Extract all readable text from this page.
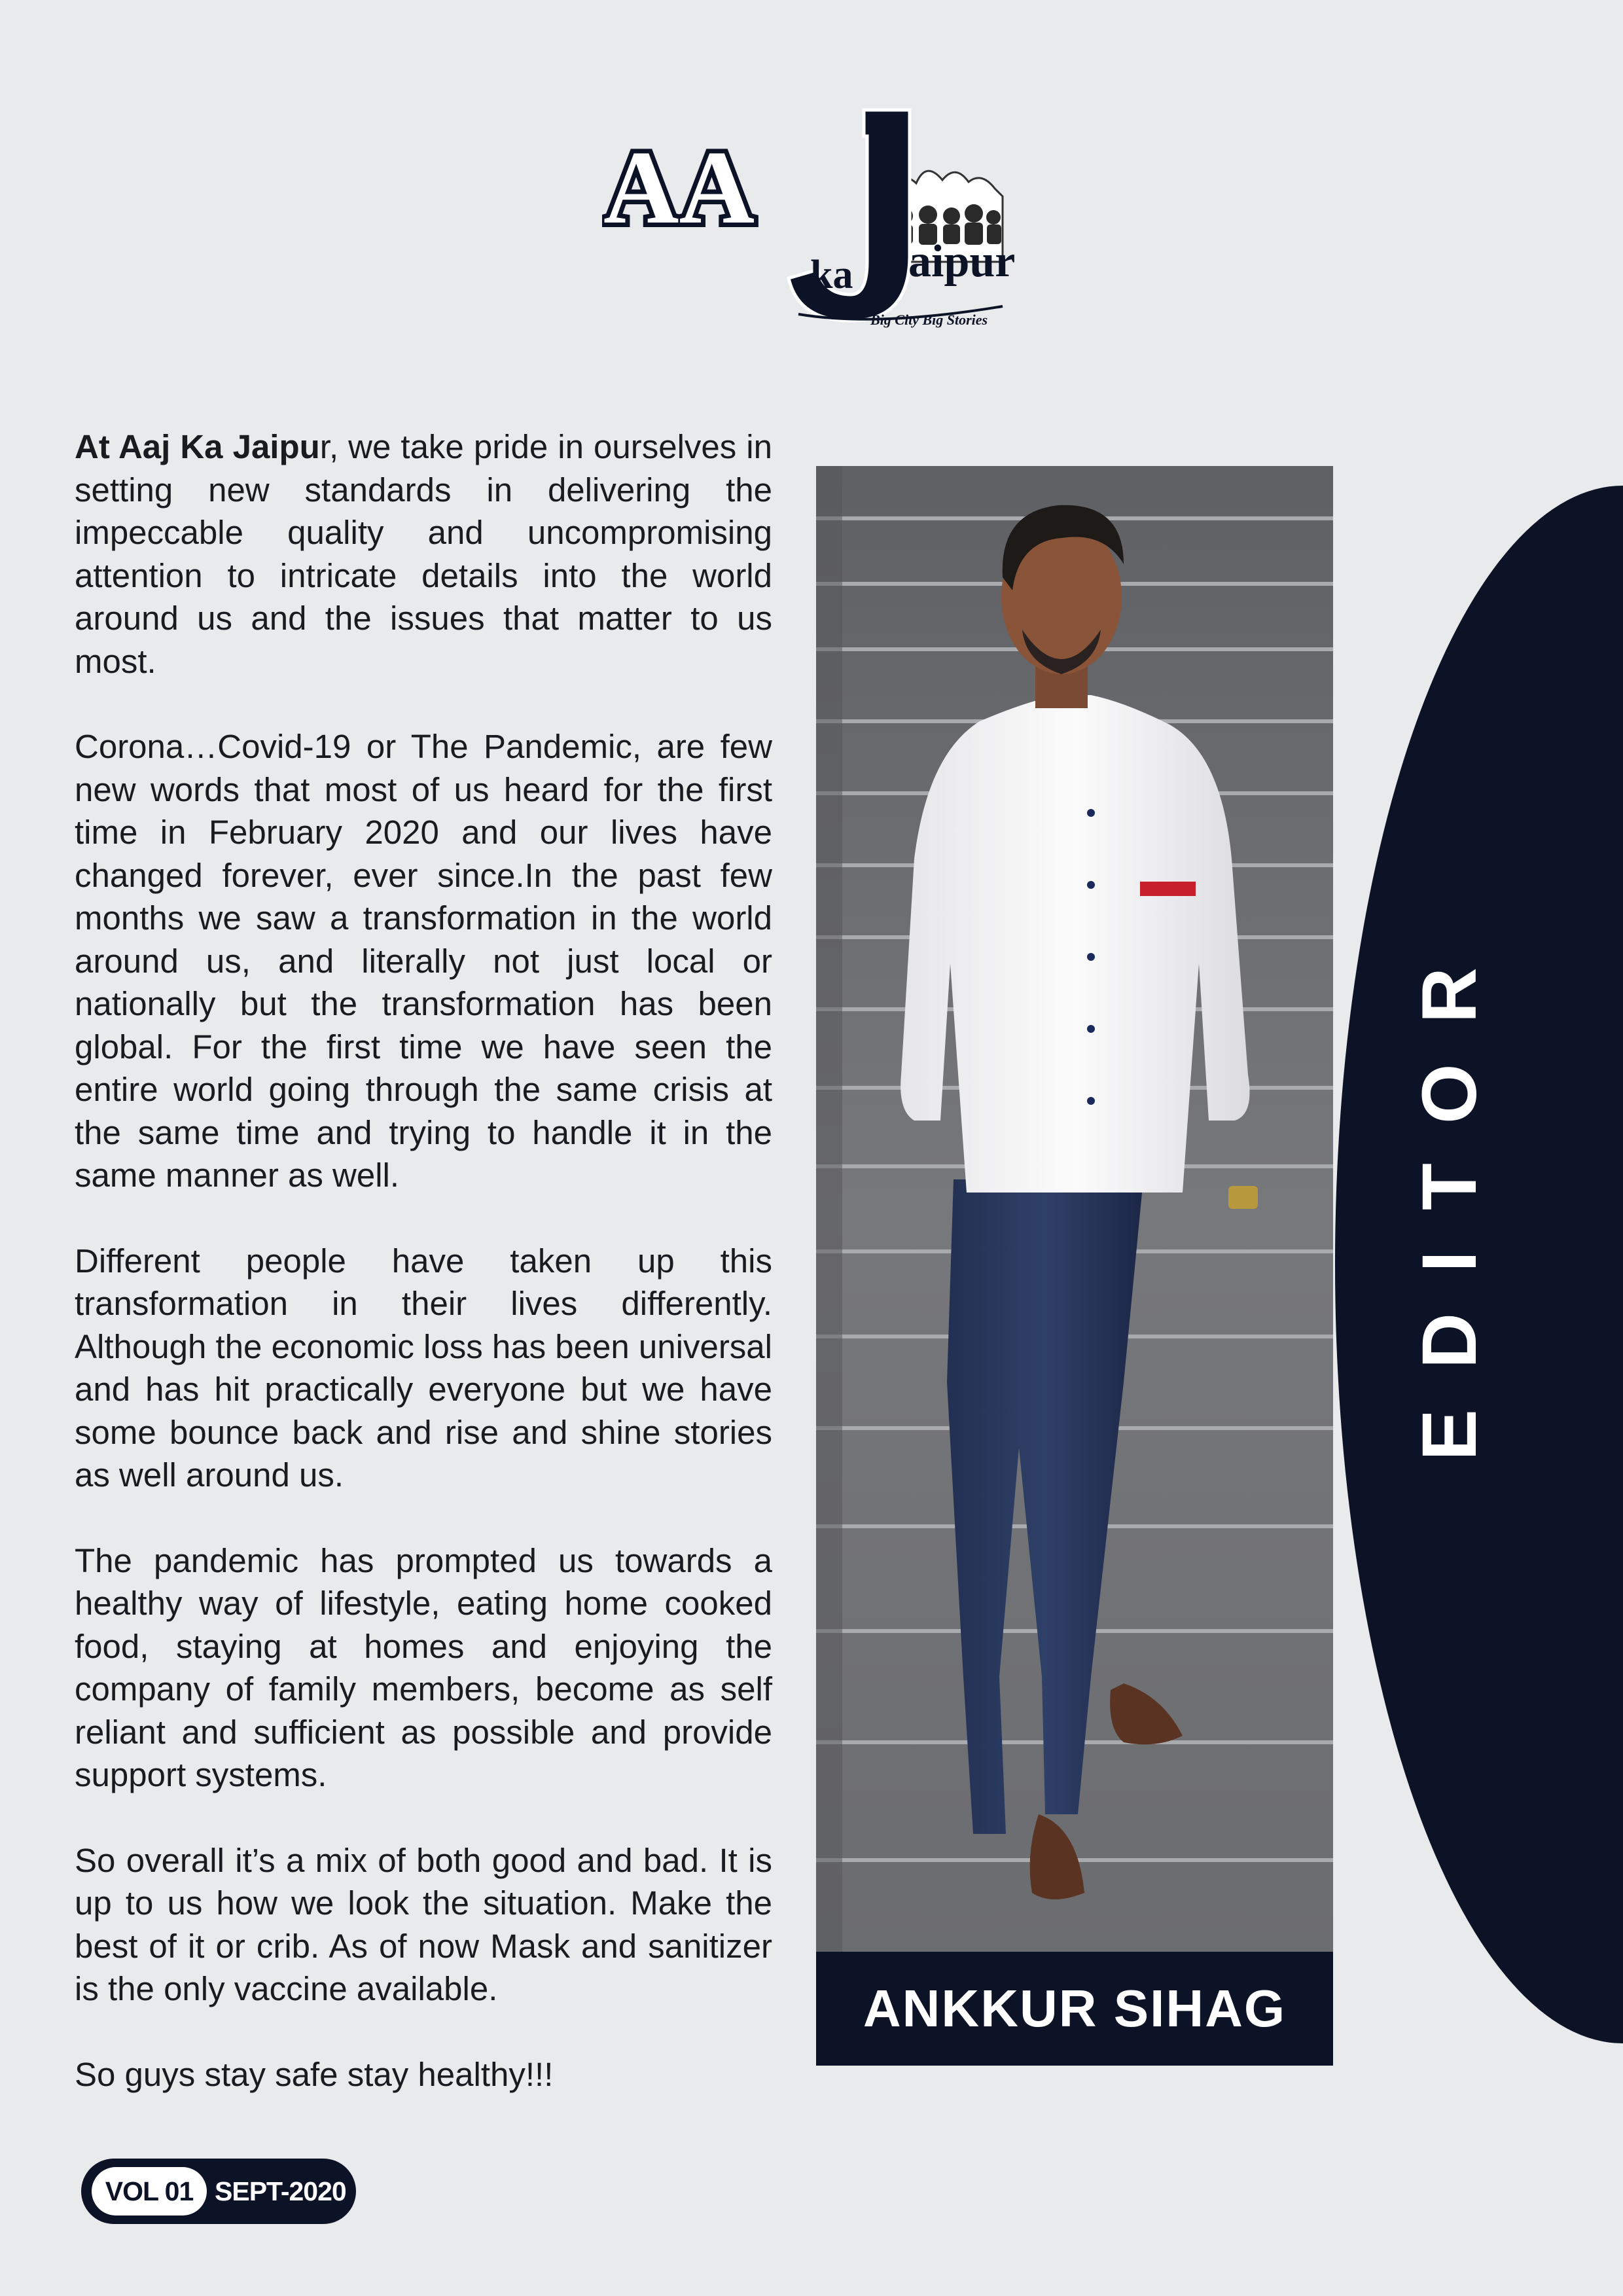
AA
ka aipur
Big City Big Stories

At Aaj Ka Jaipur, we take pride in ourselves in setting new standards in delivering the impeccable quality and uncompromising attention to intricate details into the world around us and the issues that matter to us most.

Corona…Covid-19 or The Pandemic, are few new words that most of us heard for the first time in February 2020 and our lives have changed forever, ever since.In the past few months we saw a transformation in the world around us, and literally not just local or nationally but the transformation has been global. For the first time we have seen the entire world going through the same crisis at the same time and trying to handle it in the same manner as well.

Different people have taken up this transformation in their lives differently. Although the economic loss has been universal and has hit practically everyone but we have some bounce back and rise and shine stories as well around us.

The pandemic has prompted us towards a healthy way of lifestyle, eating home cooked food, staying at homes and enjoying the company of family members, become as self reliant and sufficient as possible and provide support systems.

So overall it’s a mix of both good and bad. It is up to us how we look the situation. Make the best of it or crib. As of now Mask and sanitizer is the only vaccine available.

So guys stay safe stay healthy!!!

EDITOR
ANKKUR SIHAG
VOL 01 SEPT-2020
